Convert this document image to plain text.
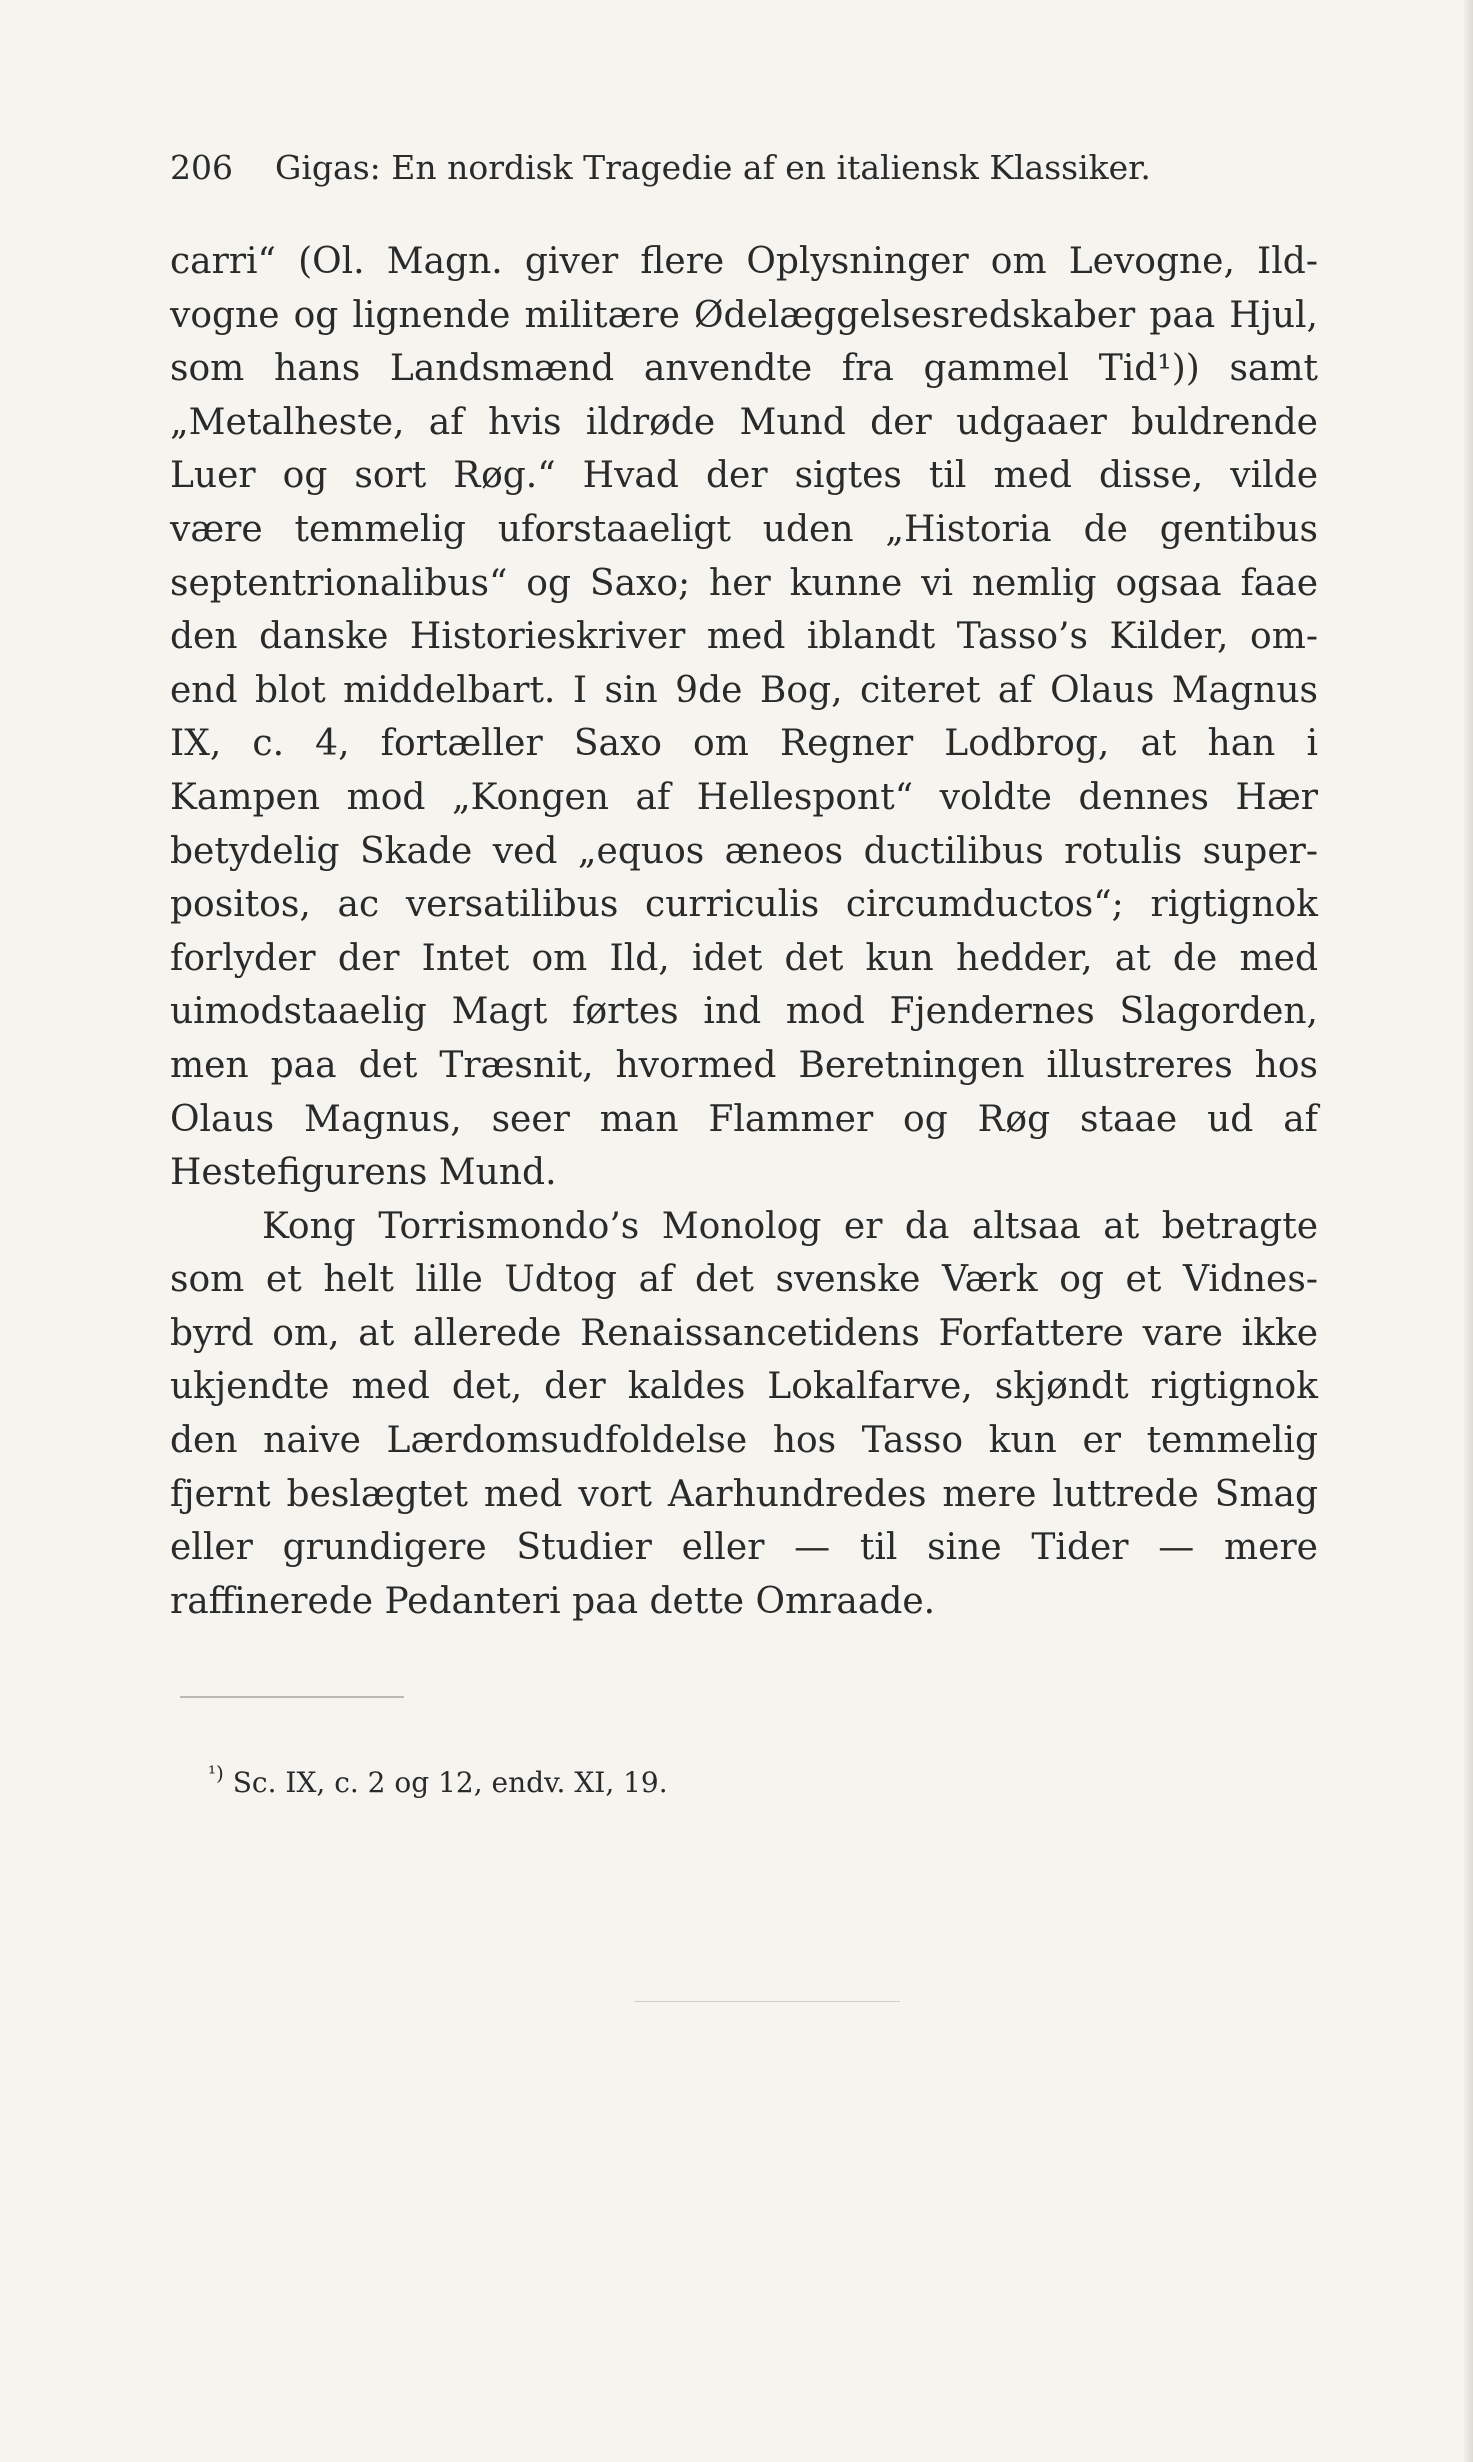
206 Gigas: En nordisk Tragedie af en italiensk Klassiker.
carri“ (Ol. Magn. giver flere Oplysninger om Levogne, Ild-
vogne og lignende militære Ødelæggelsesredskaber paa Hjul,
som hans Landsmænd anvendte fra gammel Tid¹)) samt
„Metalheste, af hvis ildrøde Mund der udgaaer buldrende
Luer og sort Røg.“ Hvad der sigtes til med disse, vilde
være temmelig uforstaaeligt uden „Historia de gentibus
septentrionalibus“ og Saxo; her kunne vi nemlig ogsaa faae
den danske Historieskriver med iblandt Tasso’s Kilder, om-
end blot middelbart. I sin 9de Bog, citeret af Olaus Magnus
IX, c. 4, fortæller Saxo om Regner Lodbrog, at han i
Kampen mod „Kongen af Hellespont“ voldte dennes Hær
betydelig Skade ved „equos æneos ductilibus rotulis super-
positos, ac versatilibus curriculis circumductos“; rigtignok
forlyder der Intet om Ild, idet det kun hedder, at de med
uimodstaaelig Magt førtes ind mod Fjendernes Slagorden,
men paa det Træsnit, hvormed Beretningen illustreres hos
Olaus Magnus, seer man Flammer og Røg staae ud af
Hestefigurens Mund.
Kong Torrismondo’s Monolog er da altsaa at betragte
som et helt lille Udtog af det svenske Værk og et Vidnes-
byrd om, at allerede Renaissancetidens Forfattere vare ikke
ukjendte med det, der kaldes Lokalfarve, skjøndt rigtignok
den naive Lærdomsudfoldelse hos Tasso kun er temmelig
fjernt beslægtet med vort Aarhundredes mere luttrede Smag
eller grundigere Studier eller — til sine Tider — mere
raffinerede Pedanteri paa dette Omraade.
$^{^1)}$ Sc. IX, c. 2 og 12, endv. XI, 19.
